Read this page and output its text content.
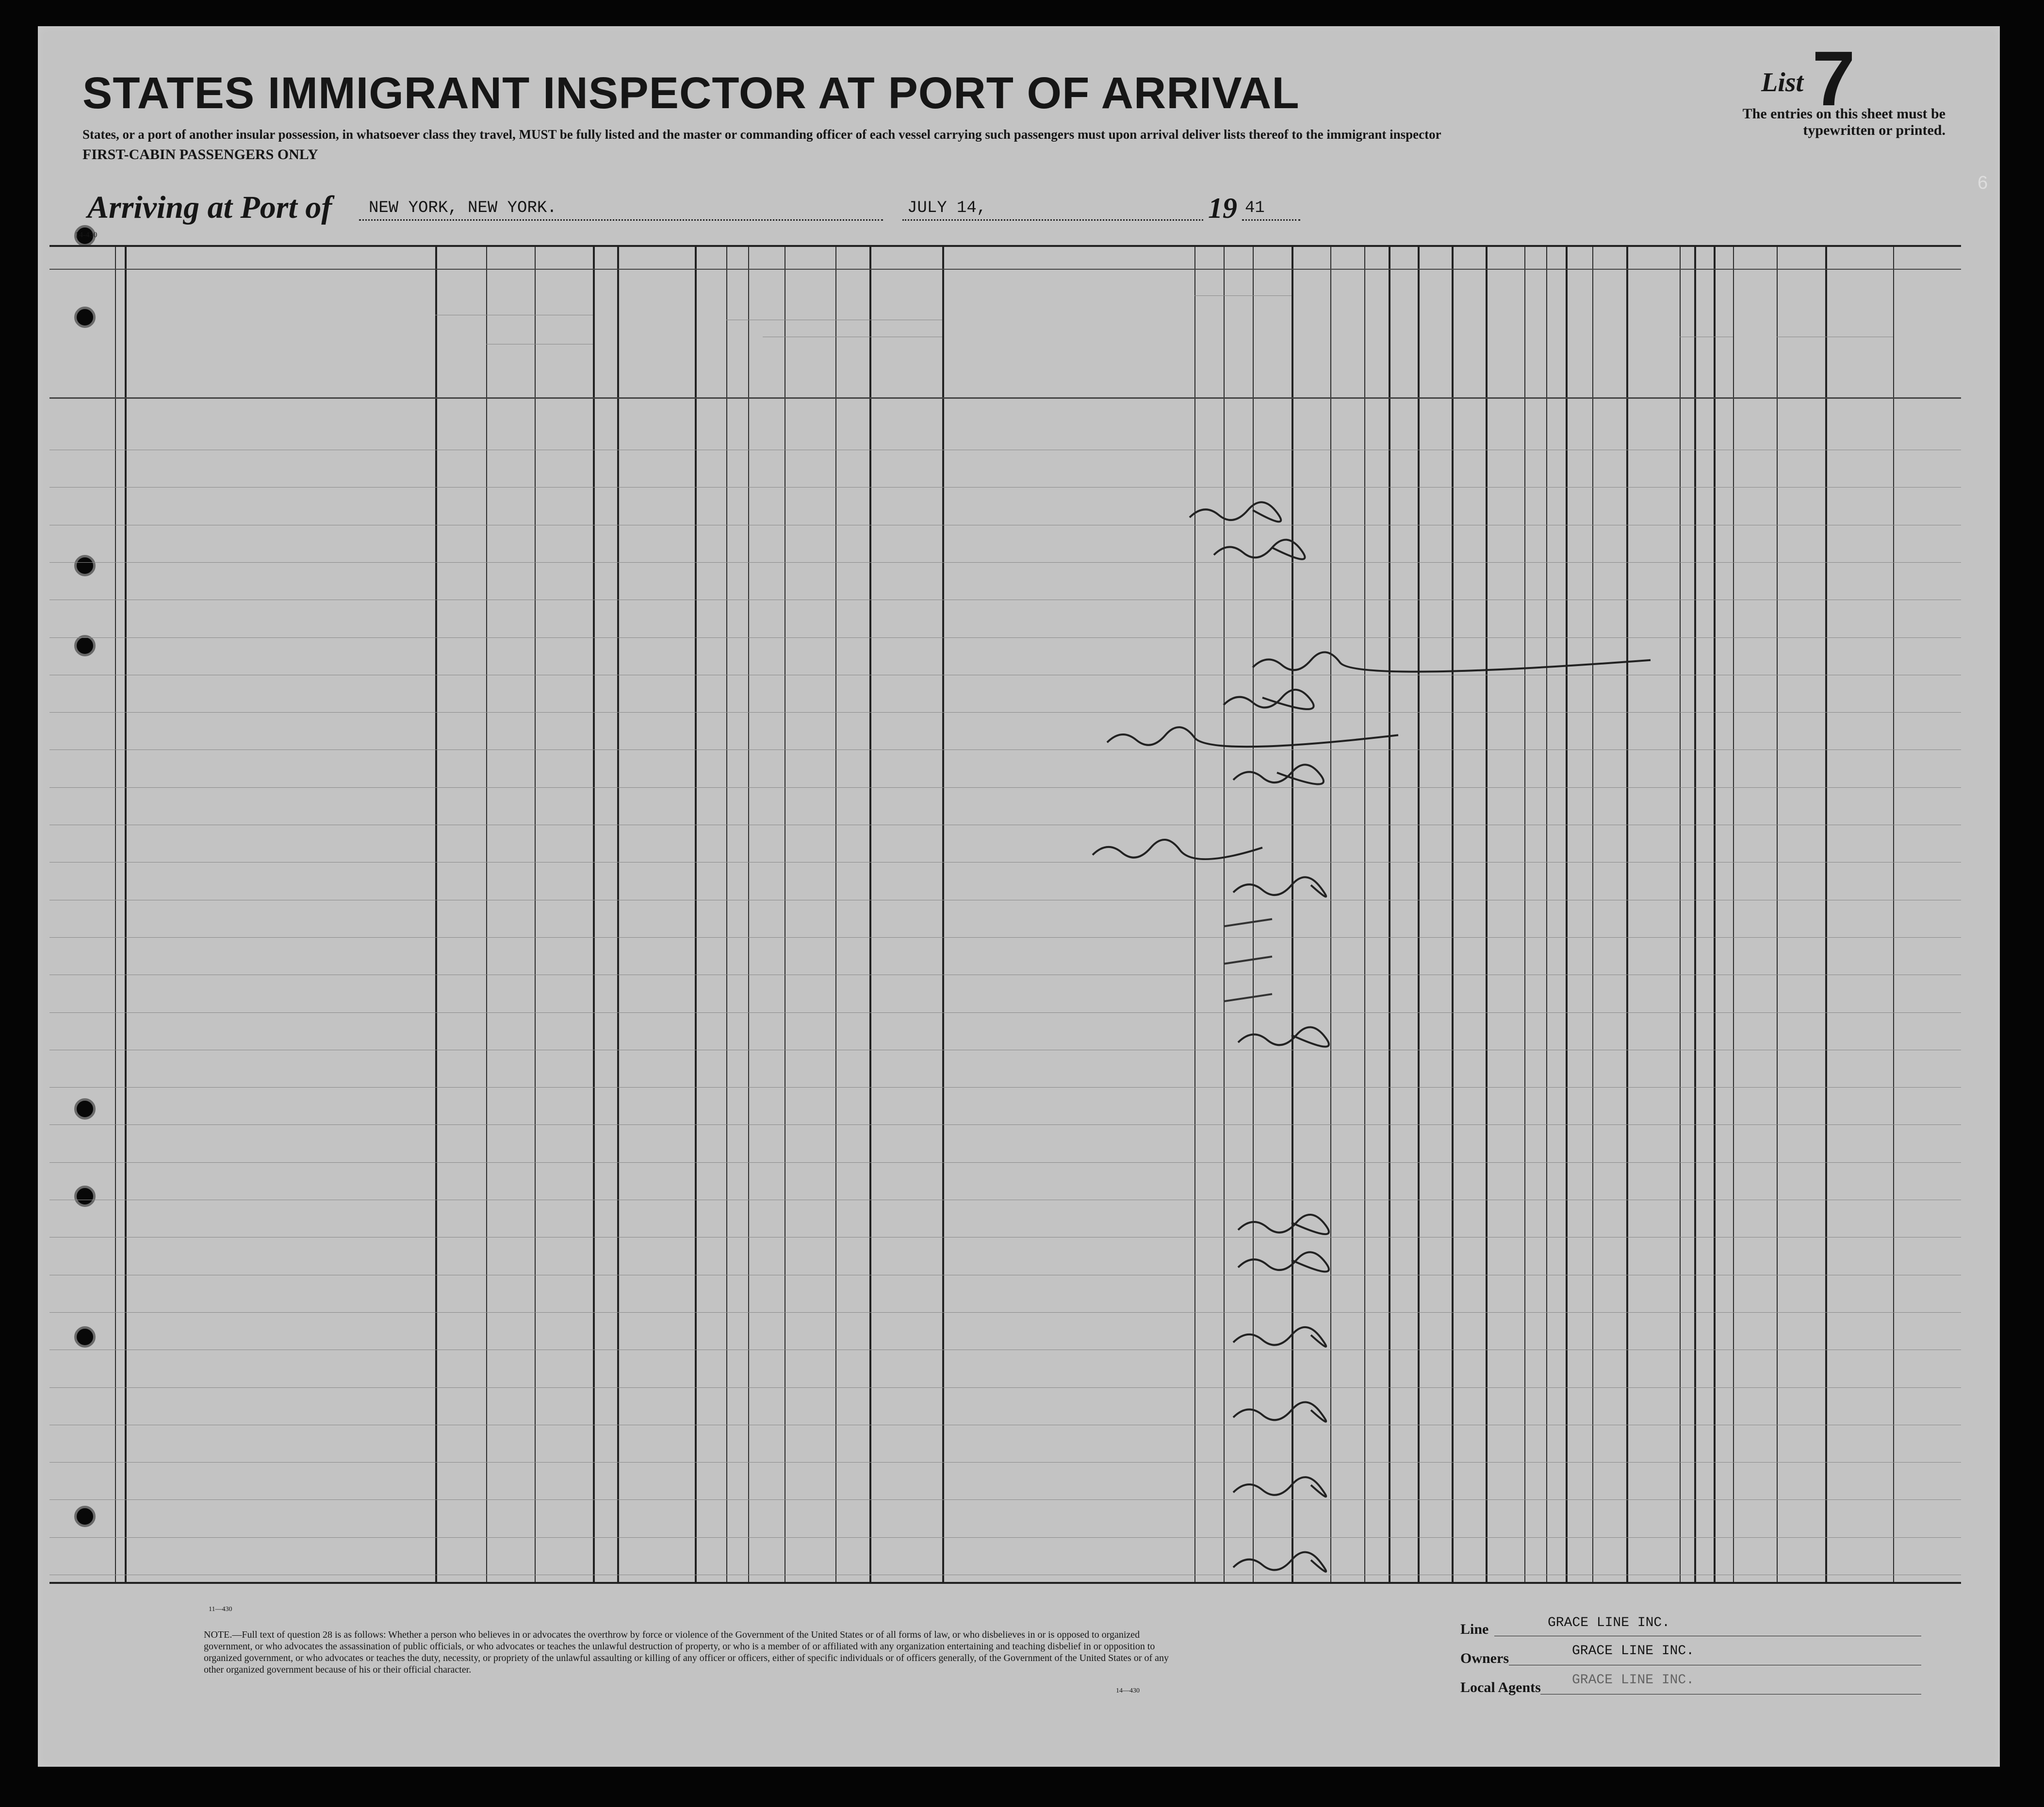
STATES IMMIGRANT INSPECTOR AT PORT OF ARRIVAL	List 7
The entries on this sheet must be typewritten or printed.
States, or a port of another insular possession, in whatsoever class they travel, MUST be fully listed and the master or commanding officer of each vessel carrying such passengers must upon arrival deliver lists thereof to the immigrant inspector
FIRST-CABIN PASSENGERS ONLY
Arriving at Port of NEW YORK, NEW YORK.	JULY 14,	19 41
6
14-430
NOTE.—Full text of question 28 is as follows: Whether a person who believes in or advocates the overthrow by force or violence of the Government of the United States or of all forms of law, or who disbelieves in or is opposed to organized government, or who advocates the assassination of public officials, or who advocates or teaches the unlawful destruction of property, or who is a member of or affiliated with any organization entertaining and teaching disbelief in or opposition to organized government, or who advocates or teaches the duty, necessity, or propriety of the unlawful assaulting or killing of any officer or officers, either of specific individuals or of officers generally, of the Government of the United States or of any other organized government because of his or their official character.
11—430
14—430
Line	GRACE LINE INC.
Owners	GRACE LINE INC.
Local Agents GRACE LINE INC.
